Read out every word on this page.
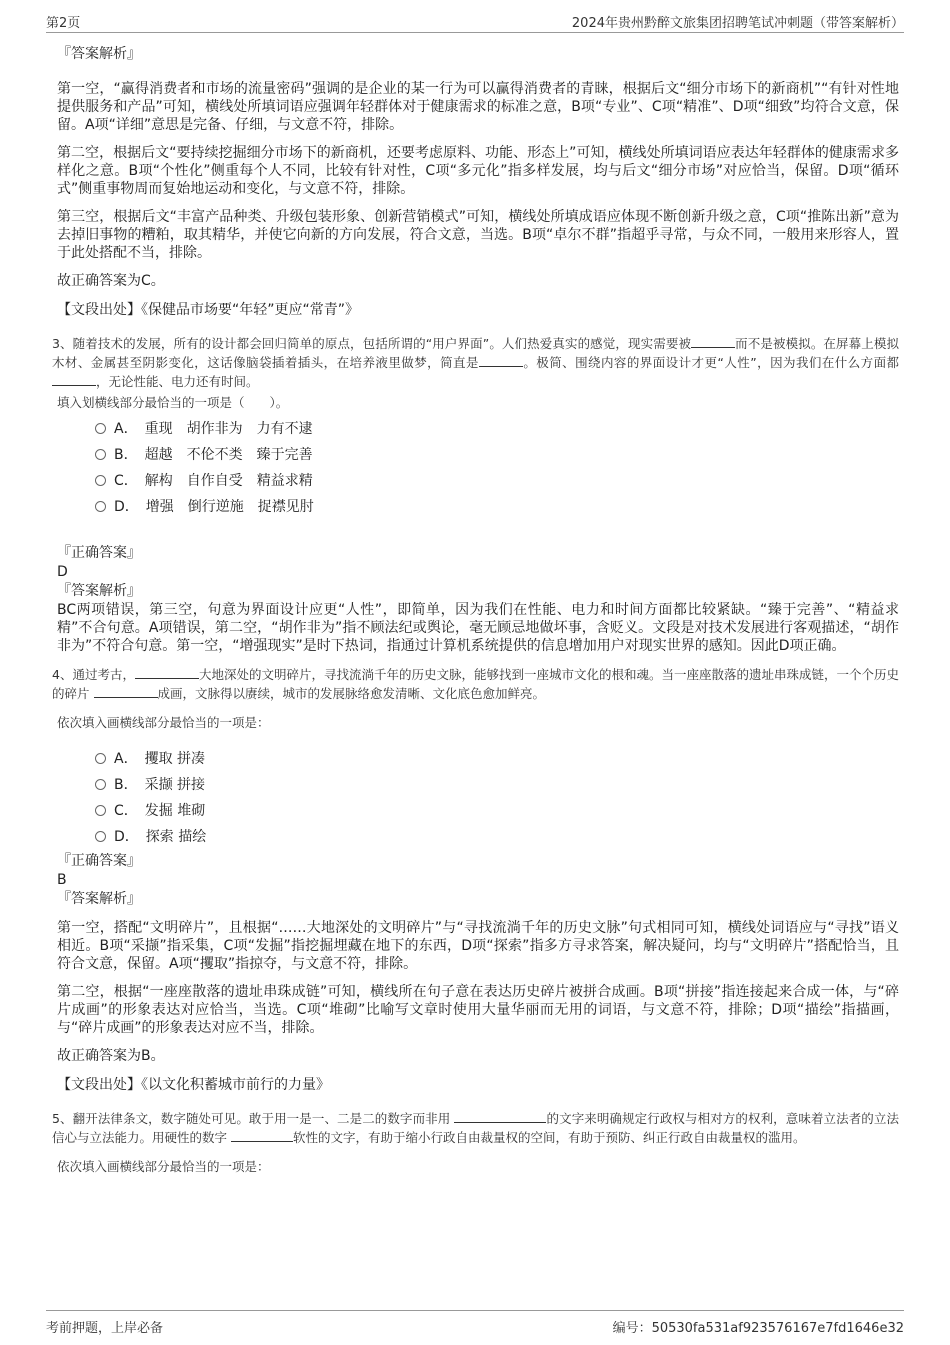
第2页	2024年贵州黔醉文旅集团招聘笔试冲刺题（带答案解析）
『答案解析』

第一空，“赢得消费者和市场的流量密码”强调的是企业的某一行为可以赢得消费者的青睐，根据后文“细分市场下的新商机”“有针对性地提供服务和产品”可知，横线处所填词语应强调年轻群体对于健康需求的标准之意，B项“专业”、C项“精准”、D项“细致”均符合文意，保留。A项“详细”意思是完备、仔细，与文意不符，排除。

第二空，根据后文“要持续挖掘细分市场下的新商机，还要考虑原料、功能、形态上”可知，横线处所填词语应表达年轻群体的健康需求多样化之意。B项“个性化”侧重每个人不同，比较有针对性，C项“多元化”指多样发展，均与后文“细分市场”对应恰当，保留。D项“循环式”侧重事物周而复始地运动和变化，与文意不符，排除。

第三空，根据后文“丰富产品种类、升级包装形象、创新营销模式”可知，横线处所填成语应体现不断创新升级之意，C项“推陈出新”意为去掉旧事物的糟粕，取其精华，并使它向新的方向发展，符合文意，当选。B项“卓尔不群”指超乎寻常，与众不同，一般用来形容人，置于此处搭配不当，排除。

故正确答案为C。

【文段出处】《保健品市场要“年轻”更应“常青”》

3、随着技术的发展，所有的设计都会回归简单的原点，包括所谓的“用户界面”。人们热爱真实的感觉，现实需要被	而不是被模拟。在屏幕上模拟木材、金属甚至阴影变化，这话像脑袋插着插头，在培养液里做梦，简直是	。极简、围绕内容的界面设计才更“人性”，因为我们在什么方面都，无论性能、电力还有时间。

填入划横线部分最恰当的一项是（　　）。

A．　重现　胡作非为　力有不逮
B．　超越　不伦不类　臻于完善
C．　解构　自作自受　精益求精
D．　增强　倒行逆施　捉襟见肘
『正确答案』
D
『答案解析』

BC两项错误，第三空，句意为界面设计应更“人性”，即简单，因为我们在性能、电力和时间方面都比较紧缺。“臻于完善”、“精益求精”不合句意。A项错误，第二空，“胡作非为”指不顾法纪或舆论，毫无顾忌地做坏事，含贬义。文段是对技术发展进行客观描述，“胡作非为”不符合句意。第一空，“增强现实”是时下热词，指通过计算机系统提供的信息增加用户对现实世界的感知。因此D项正确。

4、通过考古，	大地深处的文明碎片，寻找流淌千年的历史文脉，能够找到一座城市文化的根和魂。当一座座散落的遗址串珠成链，一个个历史的碎片	成画，文脉得以赓续，城市的发展脉络愈发清晰、文化底色愈加鲜亮。

依次填入画横线部分最恰当的一项是：

A．　攫取 拼凑
B．　采撷 拼接
C．　发掘 堆砌
D．　探索 描绘
『正确答案』
B
『答案解析』

第一空，搭配“文明碎片”，且根据“……大地深处的文明碎片”与“寻找流淌千年的历史文脉”句式相同可知，横线处词语应与“寻找”语义相近。B项“采撷”指采集，C项“发掘”指挖掘埋藏在地下的东西，D项“探索”指多方寻求答案，解决疑问，均与“文明碎片”搭配恰当，且符合文意，保留。A项“攫取”指掠夺，与文意不符，排除。

第二空，根据“一座座散落的遗址串珠成链”可知，横线所在句子意在表达历史碎片被拼合成画。B项“拼接”指连接起来合成一体，与“碎片成画”的形象表达对应恰当，当选。C项“堆砌”比喻写文章时使用大量华丽而无用的词语，与文意不符，排除；D项“描绘”指描画，与“碎片成画”的形象表达对应不当，排除。

故正确答案为B。

【文段出处】《以文化积蓄城市前行的力量》

5、翻开法律条文，数字随处可见。敢于用一是一、二是二的数字而非用	的文字来明确规定行政权与相对方的权利，意味着立法者的立法信心与立法能力。用硬性的数字	软性的文字，有助于缩小行政自由裁量权的空间，有助于预防、纠正行政自由裁量权的滥用。

依次填入画横线部分最恰当的一项是：

考前押题，上岸必备	编号：50530fa531af923576167e7fd1646e32
